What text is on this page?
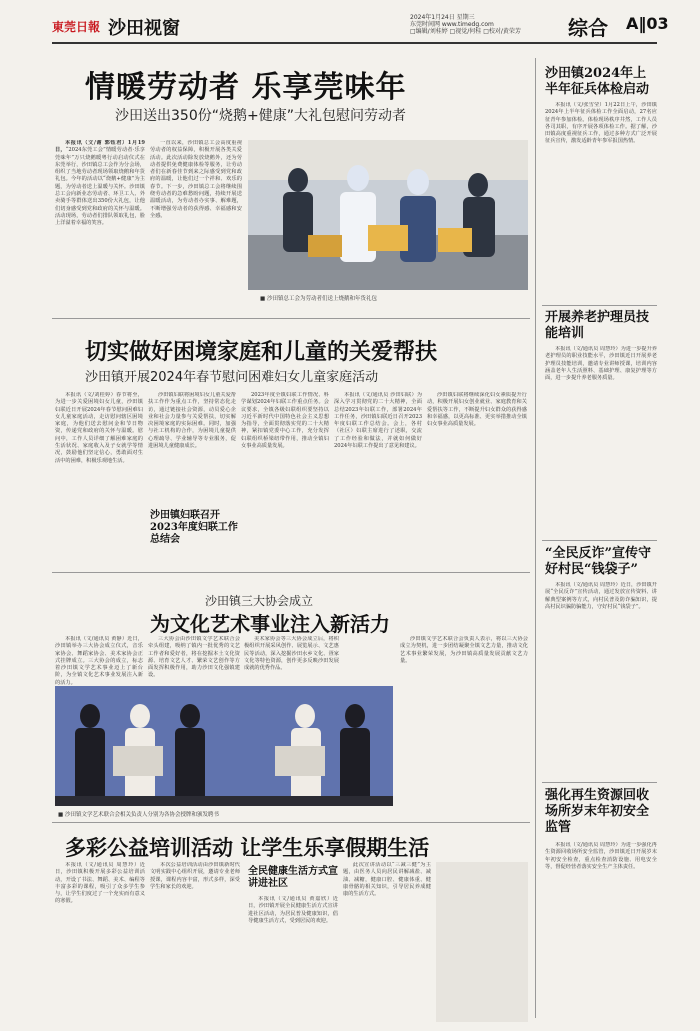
東莞日報 沙田视窗
2024年1月24日 星期三
东莞时间网 www.timedg.com
□编辑/刘桂婷 □视觉/何桂 □校对/黄荣芳 综合 A‖03
情暖劳动者 乐享莞味年
沙田送出350份“烧鹅+健康”大礼包慰问劳动者

本报讯（文/谢 郭钰君）1月19日，“2024东莞工会”情暖劳动者·乐享莞味年”万只烧鹅暖粤行动启动仪式在东莞举行，沙田镇总工会作为分会场，组织了当地劳动者现场领取烧鹅和年货礼包。今年的活动以“烧鹅+健康”为主题，为劳动者送上温暖与关怀。沙田镇总工会向新业态劳动者、环卫工人、外卖骑手等群体送出350份大礼包，让他们切身感受到党和政府的关怀与温暖。活动现场，劳动者们排队领取礼包，脸上洋溢着幸福的笑容。

一直以来，沙田镇总工会高度重视劳动者的权益保障，积极开展各类关爱活动。此次活动除发放烧鹅外，还为劳动者提供免费健康体检等服务，让劳动者们在新春佳节到来之际感受到党和政府的温暖，让他们过一个祥和、欢乐的春节。下一步，沙田镇总工会将继续围绕劳动者的急难愁盼问题，持续开展送温暖活动，为劳动者办实事、解难题，不断增强劳动者的获得感、幸福感和安全感。

■ 沙田镇总工会为劳动者们送上烧鹅和年货礼包
切实做好困境家庭和儿童的关爱帮扶
沙田镇开展2024年春节慰问困难妇女儿童家庭活动

本报讯（文/刘桂婷）春节将至，为进一步关爱困境妇女儿童，沙田镇妇联近日开展2024年春节慰问困难妇女儿童家庭活动，走访慰问辖区困境家庭，为他们送去慰问金和节日物资，传递党和政府的关怀与温暖。慰问中，工作人员详细了解困难家庭的生活状况、家庭收入及子女就学等情况，鼓励他们坚定信心，勇敢面对生活中的困难，积极乐观地生活。

沙田镇妇联将困境妇女儿童关爱帮扶工作作为重点工作，坚持常态化走访，通过链接社会资源，动员爱心企业和社会力量参与关爱帮扶，切实解决困境家庭的实际困难。同时，加强与社工机构的合作，为困境儿童提供心理疏导、学业辅导等专业服务，促进困境儿童健康成长。

2023年度全镇妇联工作情况、科学谋划2024年妇联工作重点任务。会议要求，全镇各级妇联组织要坚持以习近平新时代中国特色社会主义思想为指导，全面贯彻落实党的二十大精神，紧扣镇党委中心工作，充分发挥妇联组织桥梁纽带作用，推动全镇妇女事业高质量发展。

本报讯（文/通讯员 沙田妇联）为深入学习贯彻党的二十大精神，全面总结2023年妇联工作，部署2024年工作任务，沙田镇妇联近日召开2023年度妇联工作总结会。会上，各村（社区）妇联主席进行了述职，交流了工作经验和做法，并就如何做好2024年妇联工作提出了意见和建议。

沙田镇妇联将继续深化妇女素质提升行动，积极开展妇女创业就业、家庭教育和关爱帮扶等工作，不断提升妇女群众的获得感和幸福感，以更高标准、更实举措推动全镇妇女事业高质量发展。

沙田镇妇联召开2023年度妇联工作总结会
沙田镇三大协会成立
为文化艺术事业注入新活力

本报讯（文/通讯员 黄静）近日，沙田镇举办三大协会成立仪式，音乐家协会、舞蹈家协会、美术家协会正式挂牌成立。三大协会的成立，标志着沙田镇文学艺术事业迈上了新台阶，为全镇文化艺术事业发展注入新的活力。

三大协会由沙田镇文学艺术联合会牵头组建，吸纳了镇内一批优秀的文艺工作者和爱好者，将在挖掘本土文化资源、培育文艺人才、繁荣文艺创作等方面发挥积极作用，助力沙田文化强镇建设。

美术家协会等三大协会成立后，将积极组织开展采风创作、展览展示、文艺惠民等活动，深入挖掘沙田水乡文化、疍家文化等特色资源，创作更多反映沙田发展成就的优秀作品。

■ 沙田镇文学艺术联合会相关负责人分别为各协会授牌和颁发聘书

沙田镇文学艺术联合会负责人表示，将以三大协会成立为契机，进一步团结凝聚全镇文艺力量，推动文化艺术事业繁荣发展，为沙田镇高质量发展贡献文艺力量。

多彩公益培训活动 让学生乐享假期生活

本报讯（文/通讯员 周慧玲）近日，沙田镇积极开展多彩公益培训活动，开设了书法、舞蹈、美术、编程等丰富多彩的课程，吸引了众多学生参与，让学生们度过了一个充实而有意义的寒假。

本次公益培训活动由沙田镇新时代文明实践中心组织开展，邀请专业老师授课，课程内容丰富，形式多样，深受学生和家长的欢迎。

全民健康生活方式宣讲进社区

本报讯（文/通讯员 黄嘉欣）近日，沙田镇开展全民健康生活方式宣讲进社区活动，为居民普及健康知识，倡导健康生活方式，受到居民的欢迎。

此次宣讲活动以“三减三健”为主题，由医务人员向居民讲解减盐、减油、减糖，健康口腔、健康体重、健康骨骼的相关知识，引导居民养成健康的生活方式。

沙田镇2024年上半年征兵体检启动

本报讯（文/张雪莹）1月22日上午，沙田镇2024年上半年征兵体检工作全面启动，27名应征青年参加体检。体检现场秩序井然，工作人员各司其职，有序开展各项体检工作。据了解，沙田镇高度重视征兵工作，通过多种方式广泛开展征兵宣传，激发适龄青年参军报国热情。

开展养老护理员技能培训

本报讯（文/通讯员 周慧玲）为进一步提升养老护理员的职业技能水平，沙田镇近日开展养老护理员技能培训，邀请专业讲师授课，培训内容涵盖老年人生活照料、基础护理、康复护理等方面，进一步提升养老服务质量。

“全民反诈”宣传守好村民“钱袋子”

本报讯（文/通讯员 周慧玲）近日，沙田镇开展“全民反诈”宣传活动，通过发放宣传资料、讲解典型案例等方式，向村民普及防诈骗知识，提高村民识骗防骗能力，守好村民“钱袋子”。

强化再生资源回收场所岁末年初安全监管

本报讯（文/通讯员 周慧玲）为进一步强化再生资源回收场所安全监管，沙田镇近日开展岁末年初安全检查，重点检查消防设施、用电安全等，督促经营者落实安全生产主体责任。
